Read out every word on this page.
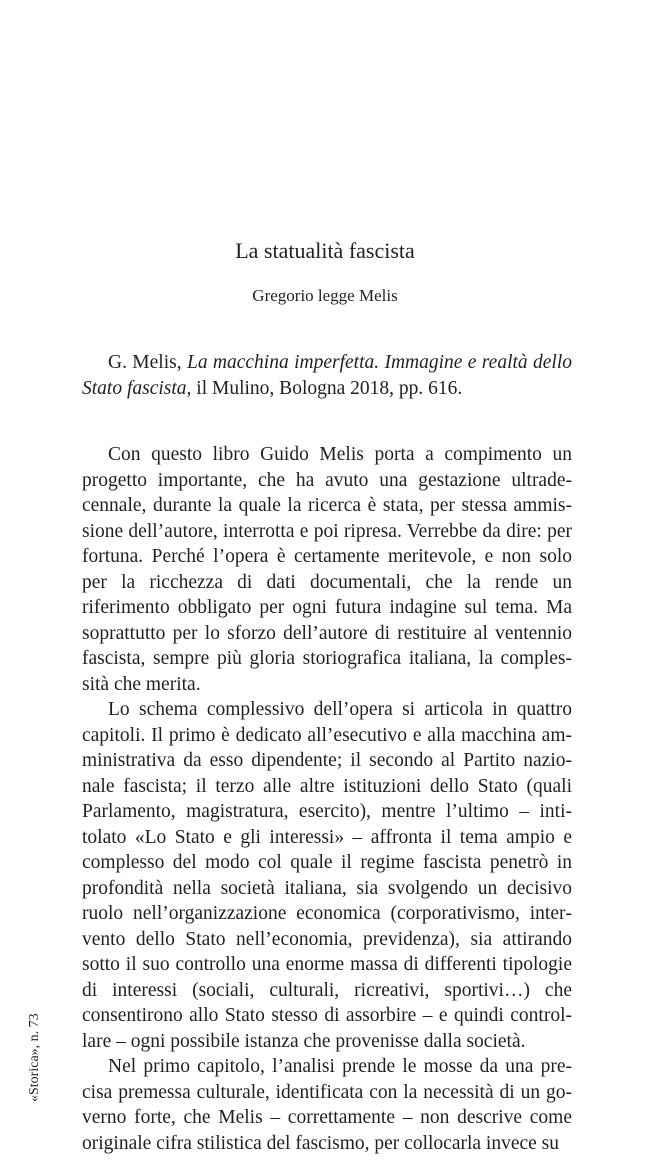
La statualità fascista
Gregorio legge Melis

G. Melis, La macchina imperfetta. Immagine e realtà dello Stato fascista, il Mulino, Bologna 2018, pp. 616.

Con questo libro Guido Melis porta a compimento un progetto importante, che ha avuto una gestazione ultradecennale, durante la quale la ricerca è stata, per stessa ammissione dell’autore, interrotta e poi ripresa. Verrebbe da dire: per fortuna. Perché l’opera è certamente meritevole, e non solo per la ricchezza di dati documentali, che la rende un riferimento obbligato per ogni futura indagine sul tema. Ma soprattutto per lo sforzo dell’autore di restituire al ventennio fascista, sempre più gloria storiografica italiana, la complessità che merita.

Lo schema complessivo dell’opera si articola in quattro capitoli. Il primo è dedicato all’esecutivo e alla macchina amministrativa da esso dipendente; il secondo al Partito nazionale fascista; il terzo alle altre istituzioni dello Stato (quali Parlamento, magistratura, esercito), mentre l’ultimo – intitolato «Lo Stato e gli interessi» – affronta il tema ampio e complesso del modo col quale il regime fascista penetrò in profondità nella società italiana, sia svolgendo un decisivo ruolo nell’organizzazione economica (corporativismo, intervento dello Stato nell’economia, previdenza), sia attirando sotto il suo controllo una enorme massa di differenti tipologie di interessi (sociali, culturali, ricreativi, sportivi…) che consentirono allo Stato stesso di assorbire – e quindi controllare – ogni possibile istanza che provenisse dalla società.

Nel primo capitolo, l’analisi prende le mosse da una precisa premessa culturale, identificata con la necessità di un governo forte, che Melis – correttamente – non descrive come originale cifra stilistica del fascismo, per collocarla invece su

«Storica», n. 73
